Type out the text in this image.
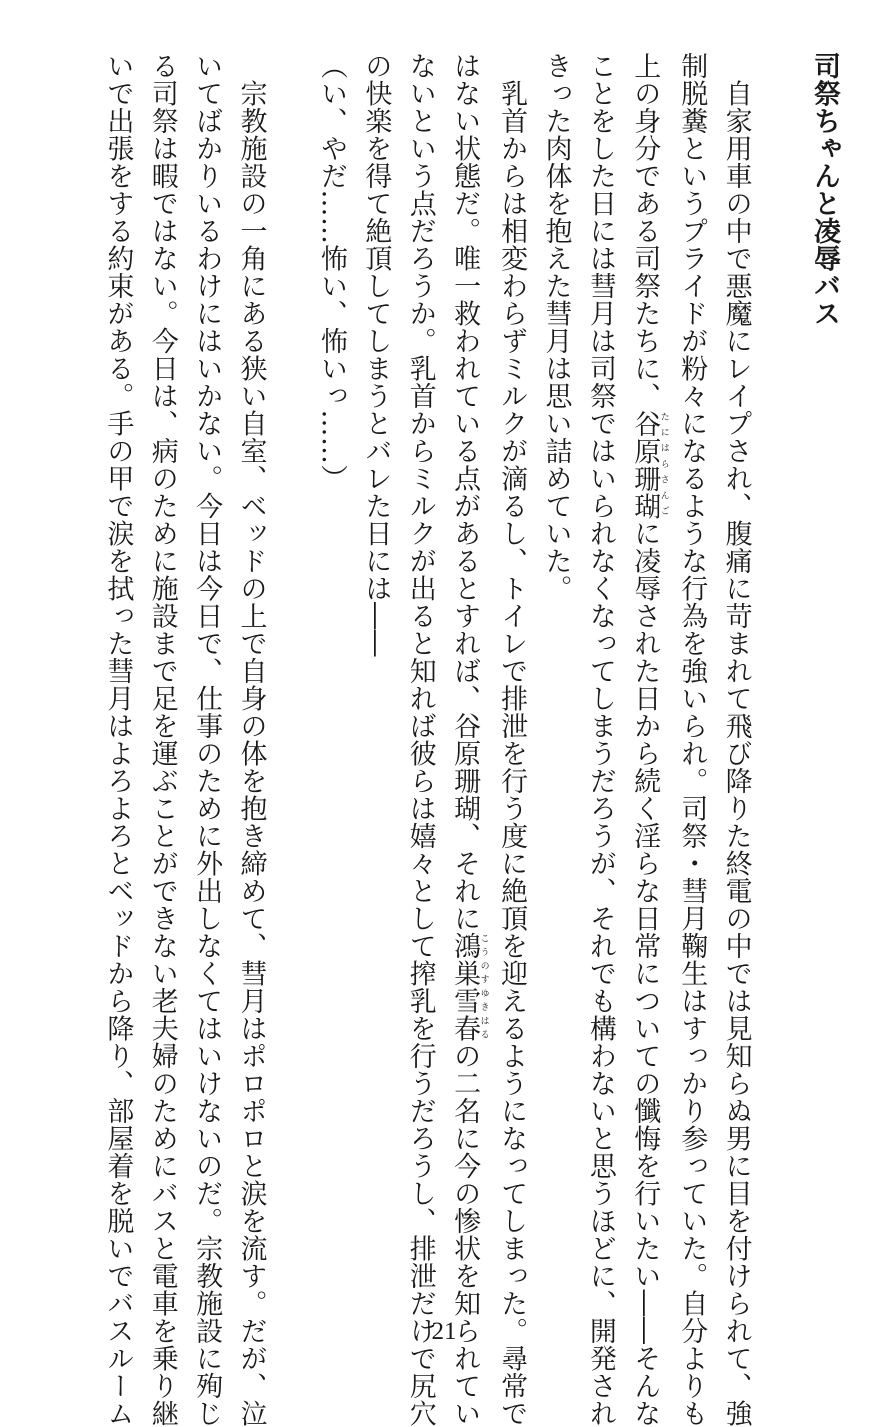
司祭ちゃんと凌辱バス
　自家用車の中で悪魔にレイプされ、腹痛に苛まれて飛び降りた終電の中では見知らぬ男に目を付けられて、強
制脱糞というプライドが粉々になるような行為を強いられ。司祭・彗月鞠生はすっかり参っていた。自分よりも
上の身分である司祭たちに、谷原珊瑚たにはらさんごに凌辱された日から続く淫らな日常についての懺悔を行いたい――そんな
ことをした日には彗月は司祭ではいられなくなってしまうだろうが、それでも構わないと思うほどに、開発され
きった肉体を抱えた彗月は思い詰めていた。
　乳首からは相変わらずミルクが滴るし、トイレで排泄を行う度に絶頂を迎えるようになってしまった。尋常で
はない状態だ。唯一救われている点があるとすれば、谷原珊瑚、それに鴻巣雪春こうのすゆきはるの二名に今の惨状を知られてい
ないという点だろうか。乳首からミルクが出ると知れば彼らは嬉々として搾乳を行うだろうし、排泄だけで尻穴
の快楽を得て絶頂してしまうとバレた日には――
（い、やだ……怖い、怖いっ……）
　宗教施設の一角にある狭い自室、ベッドの上で自身の体を抱き締めて、彗月はポロポロと涙を流す。だが、泣
いてばかりいるわけにはいかない。今日は今日で、仕事のために外出しなくてはいけないのだ。宗教施設に殉じ
る司祭は暇ではない。今日は、病のために施設まで足を運ぶことができない老夫婦のためにバスと電車を乗り継
いで出張をする約束がある。手の甲で涙を拭った彗月はよろよろとベッドから降り、部屋着を脱いでバスルーム	21
